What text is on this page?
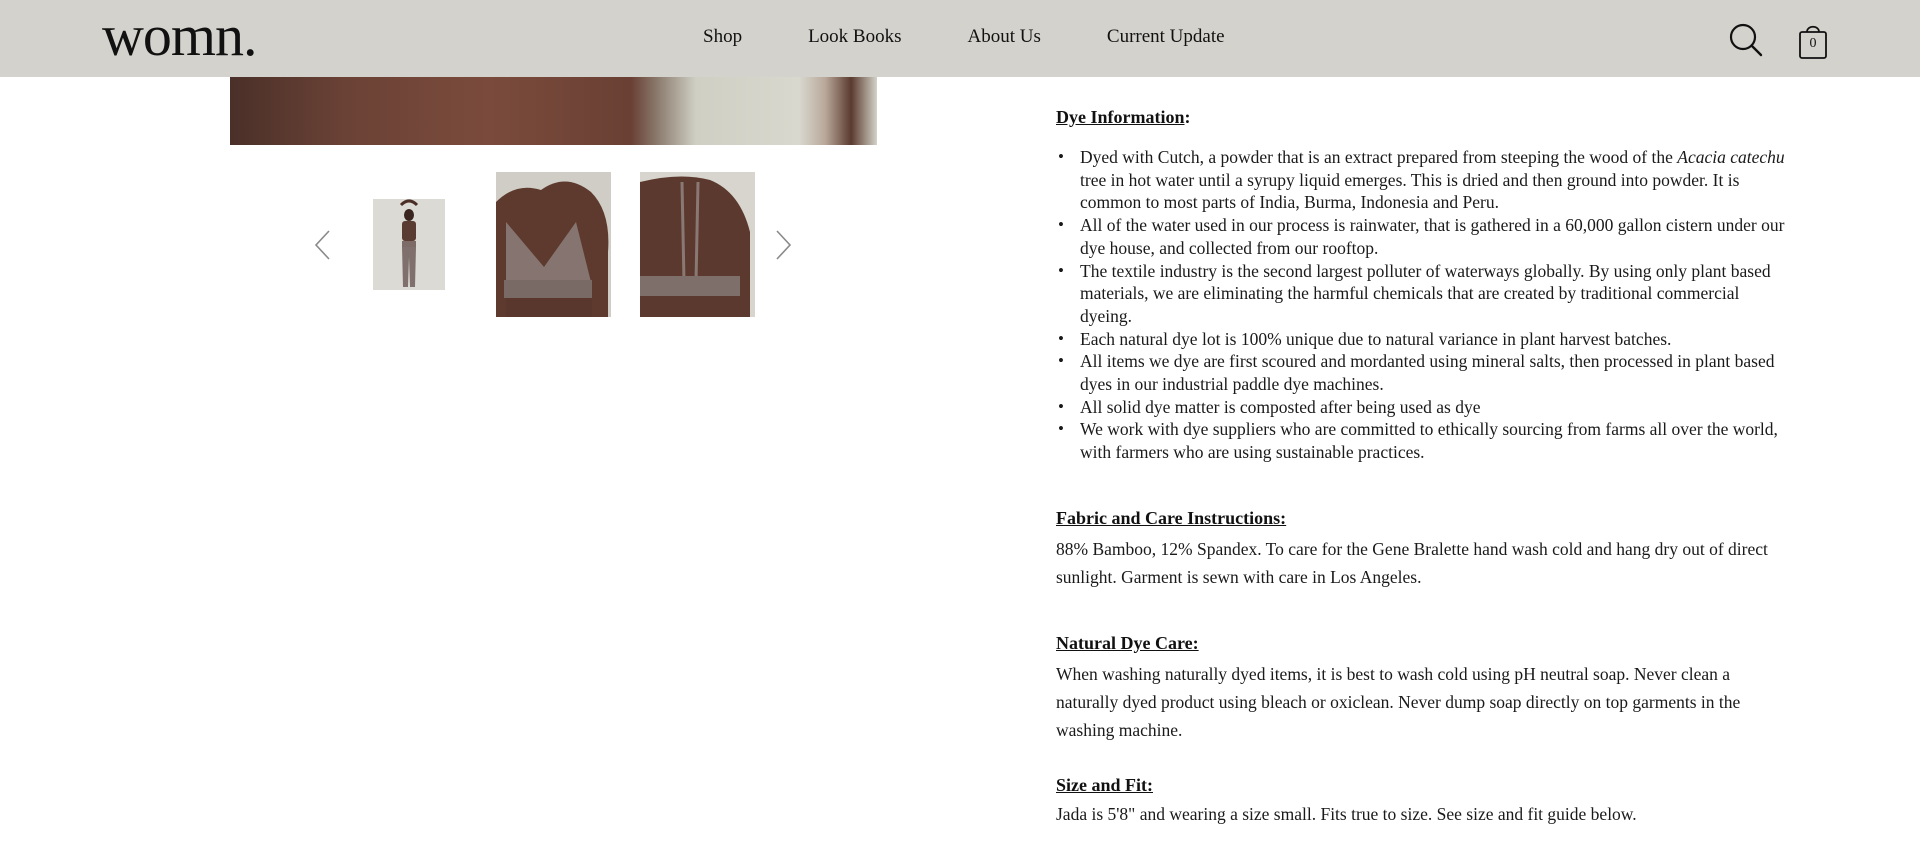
womn.	Shop	Look Books	About Us	Current Update	0
Dye Information:
• Dyed with Cutch, a powder that is an extract prepared from steeping the wood of the Acacia catechu tree in hot water until a syrupy liquid emerges. This is dried and then ground into powder. It is common to most parts of India, Burma, Indonesia and Peru.
• All of the water used in our process is rainwater, that is gathered in a 60,000 gallon cistern under our dye house, and collected from our rooftop.
• The textile industry is the second largest polluter of waterways globally. By using only plant based materials, we are eliminating the harmful chemicals that are created by traditional commercial dyeing.
• Each natural dye lot is 100% unique due to natural variance in plant harvest batches.
• All items we dye are first scoured and mordanted using mineral salts, then processed in plant based dyes in our industrial paddle dye machines.
• All solid dye matter is composted after being used as dye
• We work with dye suppliers who are committed to ethically sourcing from farms all over the world, with farmers who are using sustainable practices.
Fabric and Care Instructions:

88% Bamboo, 12% Spandex. To care for the Gene Bralette hand wash cold and hang dry out of direct sunlight. Garment is sewn with care in Los Angeles.

Natural Dye Care:

When washing naturally dyed items, it is best to wash cold using pH neutral soap. Never clean a naturally dyed product using bleach or oxiclean. Never dump soap directly on top garments in the washing machine.

Size and Fit:

Jada is 5'8" and wearing a size small. Fits true to size. See size and fit guide below.
